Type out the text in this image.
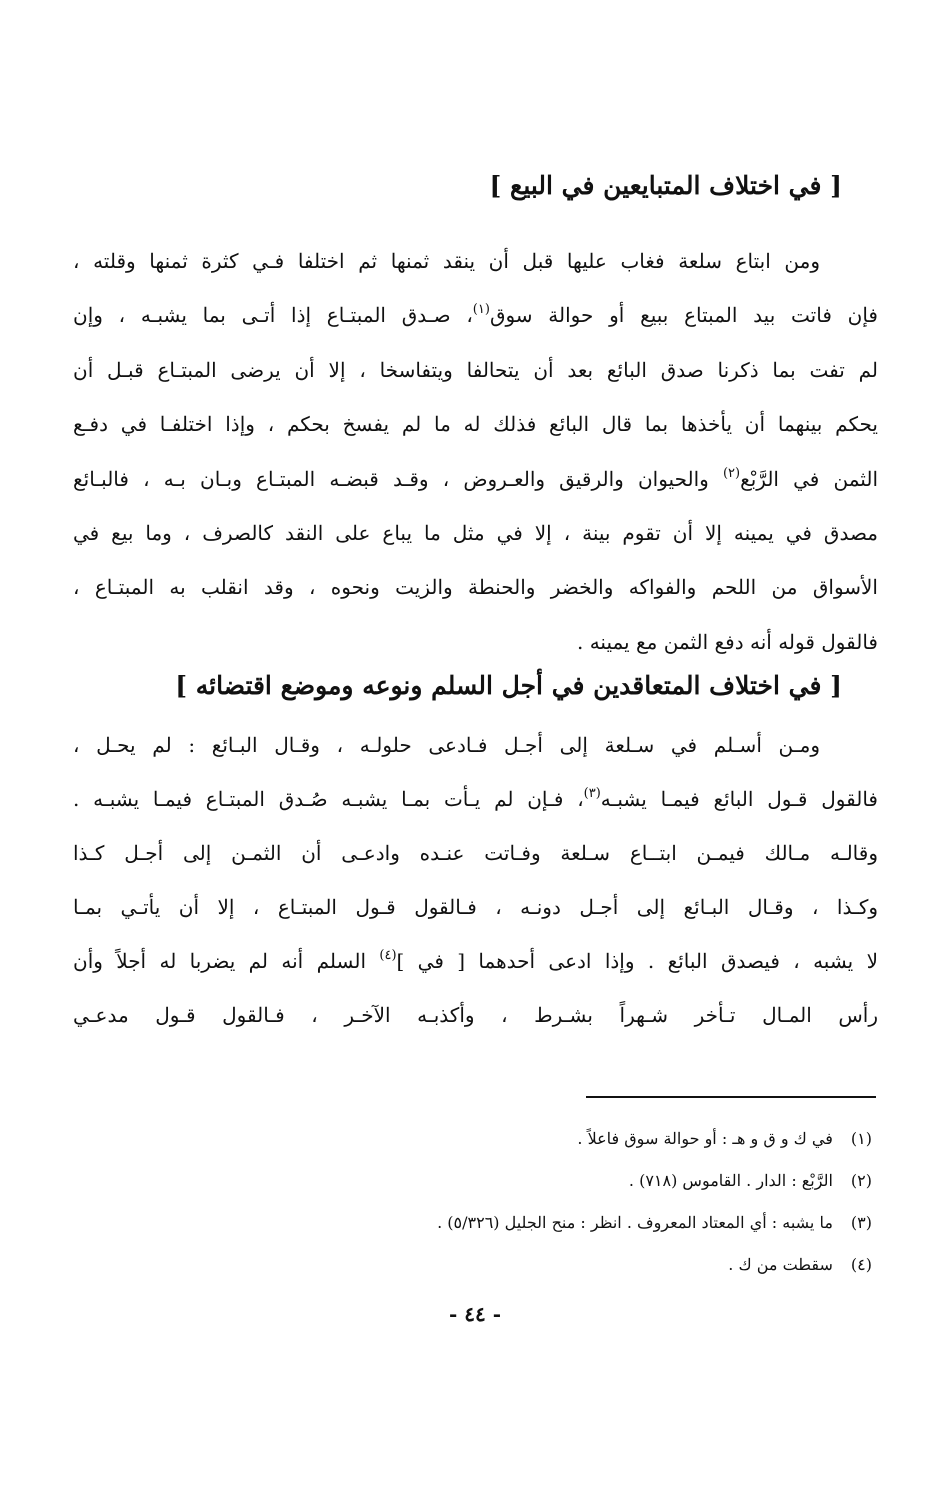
[ في اختلاف المتبايعين في البيع ]
ومن ابتاع سلعة فغاب عليها قبل أن ينقد ثمنها ثم اختلفا فـي كثرة ثمنها وقلته ،
فإن فاتت بيد المبتاع ببيع أو حوالة سوق$^{(١)}$، صـدق المبتـاع إذا أتـى بما يشبـه ، وإن
لم تفت بما ذكرنا صدق البائع بعد أن يتحالفا ويتفاسخا ، إلا أن يرضى المبتـاع قبـل أن
يحكم بينهما أن يأخذها بما قال البائع فذلك له ما لم يفسخ بحكم ، وإذا اختلفـا في دفـع
الثمن في الرَّبْع$^{(٢)}$ والحيوان والرقيق والعـروض ، وقـد قبضـه المبتـاع وبـان بـه ، فالبـائع
مصدق في يمينه إلا أن تقوم بينة ، إلا في مثل ما يباع على النقد كالصرف ، وما بيع في
الأسواق من اللحم والفواكه والخضر والحنطة والزيت ونحوه ، وقد انقلب به المبتـاع ،
فالقول قوله أنه دفع الثمن مع يمينه .
[ في اختلاف المتعاقدين في أجل السلم ونوعه وموضع اقتضائه ]
ومـن أسـلم في سـلعة إلى أجـل فـادعى حلولـه ، وقـال البـائع : لم يحـل ،
فالقول قـول البائع فيمـا يشبـه$^{(٣)}$، فـإن لم يـأت بمـا يشبـه صُـدق المبتـاع فيمـا يشبـه .
وقالـه مـالك فيمـن ابتــاع سـلعة وفـاتت عنـده وادعـى أن الثمـن إلى أجـل كـذا
وكـذا ، وقـال البـائع إلى أجـل دونـه ، فـالقول قـول المبتـاع ، إلا أن يأتـي بمـا
لا يشبه ، فيصدق البائع . وإذا ادعى أحدهما [ في ]$^{(٤)}$ السلم أنه لم يضربا له أجلاً وأن
رأس المـال تـأخر شـهراً بشـرط ، وأكذبـه الآخـر ، فـالقول قـول مدعـي
(١) في ك و ق و هـ : أو حوالة سوق فاعلاً .
(٢) الرَّبْع : الدار . القاموس (٧١٨) .
(٣) ما يشبه : أي المعتاد المعروف . انظر : منح الجليل (٥/٣٢٦) .
(٤) سقطت من ك .
- ٤٤ -
